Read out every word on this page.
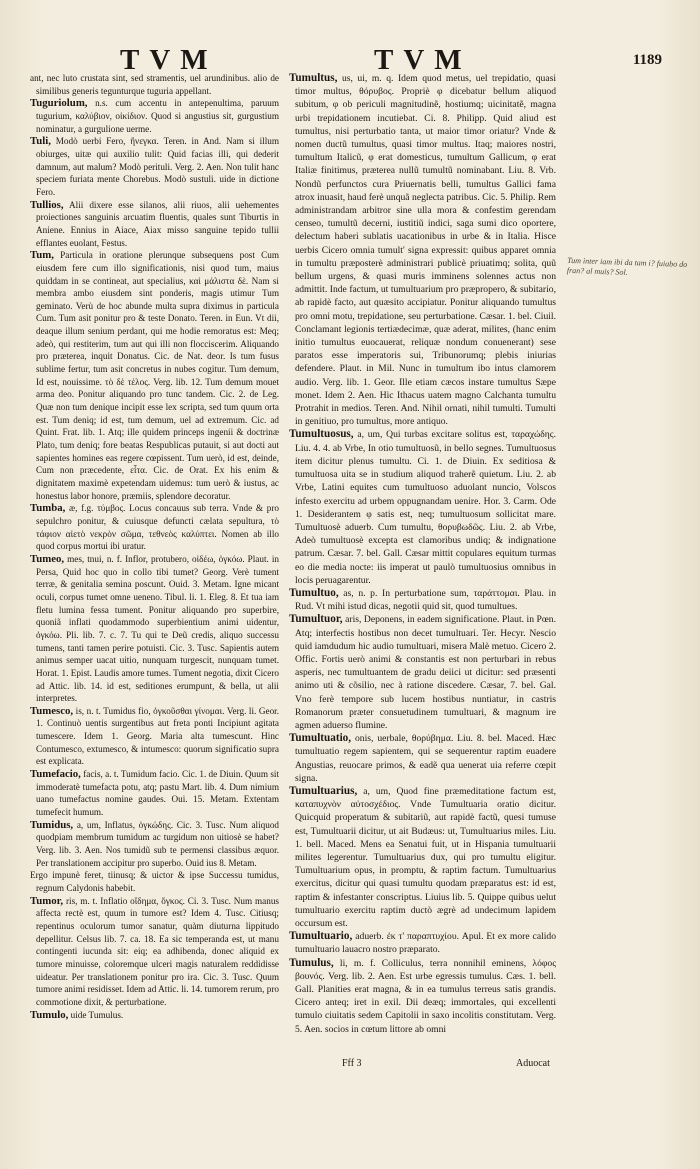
TVM	TVM	1189

ant, nec luto crustata sint, sed stramentis, uel arundinibus. alio de similibus generis tegunturque tuguria appellant.

Tuguriolum, n.s. cum accentu in antepenultima, paruum tugurium, καλύβιον, οἰκίδιον. Quod si angustius sit, gurgustium nominatur, a gurgulione uerme.

Tuli, Modò uerbi Fero, ἤνεγκα. Teren. in And. Nam si illum obiurges, uitæ qui auxilio tulit: Quid facias illi, qui dederit damnum, aut malum? Modò perituli. Verg. 2. Aen. Non tulit hanc speciem furiata mente Chorebus. Modò sustuli. uide in dictione Fero.

Tullios, Alii dixere esse silanos, alii riuos, alii uehementes proiectiones sanguinis arcuatim fluentis, quales sunt Tiburtis in Aniene. Ennius in Aiace, Aiax misso sanguine tepido tullii efflantes euolant, Festus.

Tum, Particula in oratione plerunque subsequens post Cum eiusdem fere cum illo significationis, nisi quod tum, maius quiddam in se contineat, aut specialius, καὶ μάλιστα δὲ. Nam si membra ambo eiusdem sint ponderis, magis utimur Tum geminato. Verù de hoc abunde multa supra diximus in particula Cum. Tum asit ponitur pro & teste Donato. Teren. in Eun. Vt dii, deaque illum senium perdant, qui me hodie remoratus est: Meq; adeò, qui restiterim, tum aut qui illi non flocciscerim. Aliquando pro præterea, inquit Donatus. Cic. de Nat. deor. Is tum fusus sublime fertur, tum asit concretus in nubes cogitur. Tum demum, Id est, nouissime. τὸ δὲ τέλος. Verg. lib. 12. Tum demum mouet arma deo. Ponitur aliquando pro tunc tandem. Cic. 2. de Leg. Quæ non tum denique incipit esse lex scripta, sed tum quum orta est. Tum deniq; id est, tum demum, uel ad extremum. Cic. ad Quint. Frat. lib. 1. Atq; ille quidem princeps ingenii & doctrinæ Plato, tum deniq; fore beatas Respublicas putauit, si aut docti aut sapientes homines eas regere cœpissent. Tum uerò, id est, deinde, Cum non præcedente, εἶτα. Cic. de Orat. Ex his enim & dignitatem maximè expetendam uidemus: tum uerò & iustus, ac honestus labor honore, præmiis, splendore decoratur.

Tumba, æ, f.g. τύμβος. Locus concauus sub terra. Vnde & pro sepulchro ponitur, & cuiusque defuncti cælata sepultura, τὸ τάφιον αἰετὸ νεκρὸν σῶμα, τεθνεὸς καλύπτει. Nomen ab illo quod corpus mortui ibi uratur.

Tumeo, mes, tnui, n. f. Inflor, protubero, οἰδέω, ὀγκόω. Plaut. in Persa, Quid hoc quo in collo tibi tumet? Georg. Verè tument terræ, & genitalia semina poscunt. Ouid. 3. Metam. Igne micant oculi, corpus tumet omne ueneno. Tibul. li. 1. Eleg. 8. Et tua iam fletu lumina fessa tument. Ponitur aliquando pro superbire, quoniã inflati quodammodo superbientium animi uidentur, ὀγκόω. Pli. lib. 7. c. 7. Tu qui te Deũ credis, aliquo successu tumens, tanti tamen perire potuisti. Cic. 3. Tusc. Sapientis autem animus semper uacat uitio, nunquam turgescit, nunquam tumet. Horat. 1. Epist. Laudis amore tumes. Tument negotia, dixit Cicero ad Attic. lib. 14. id est, seditiones erumpunt, & bella, ut alii interpretes.

Tumesco, is, n. t. Tumidus fio, ὀγκοῦσθαι γίνομαι. Verg. li. Geor. 1. Continuò uentis surgentibus aut freta ponti Incipiunt agitata tumescere. Idem 1. Georg. Maria alta tumescunt. Hinc Contumesco, extumesco, & intumesco: quorum significatio supra est explicata.

Tumefacio, facis, a. t. Tumidum facio. Cic. 1. de Diuin. Quum sit immoderatè tumefacta potu, atq; pastu Mart. lib. 4. Dum nimium uano tumefactus nomine gaudes. Oui. 15. Metam. Extentam tumefecit humum.

Tumidus, a, um, Inflatus, ὀγκώδης. Cic. 3. Tusc. Num aliquod quodpiam membrum tumidum ac turgidum non uitiosè se habet? Verg. lib. 3. Aen. Nos tumidũ sub te permensi classibus æquor. Per translationem accipitur pro superbo. Ouid ius 8. Metam.

Ergo impunè feret, tiinusq; & uictor & ipse Successu tumidus, regnum Calydonis habebit.

Tumor, ris, m. t. Inflatio οἴδημα, ὄγκος. Ci. 3. Tusc. Num manus affecta rectè est, quum in tumore est? Idem 4. Tusc. Citiusq; repentinus oculorum tumor sanatur, quàm diuturna lippitudo depellitur. Celsus lib. 7. ca. 18. Ea sic temperanda est, ut manu contingenti iucunda sit: eiq; ea adhibenda, donec aliquid ex tumore minuisse, coloremque ulceri magis naturalem reddidisse uideatur. Per translationem ponitur pro ira. Cic. 3. Tusc. Quum tumore animi residisset. Idem ad Attic. li. 14. tumorem rerum, pro commotione dixit, & perturbatione.

Tumulo, uide Tumulus.

Tumultus, us, ui, m. q. Idem quod metus, uel trepidatio, quasi timor multus, θόρυβος. Propriè φ dicebatur bellum aliquod subitum, φ ob periculi magnitudinẽ, hostiumq; uicinitatẽ, magna urbi trepidationem incutiebat. Ci. 8. Philipp. Quid aliud est tumultus, nisi perturbatio tanta, ut maior timor oriatur? Vnde & nomen ductũ tumultus, quasi timor multus. Itaq; maiores nostri, tumultum Italicũ, φ erat domesticus, tumultum Gallicum, φ erat Italiæ finitimus, præterea nullũ tumultũ nominabant. Liu. 8. Vrb. Nondũ perfunctos cura Priuernatis belli, tumultus Gallici fama atrox inuasit, haud ferè unquã neglecta patribus. Cic. 5. Philip. Rem administrandam arbitror sine ulla mora & confestim gerendam censeo, tumultũ decerni, iustitiũ indici, saga sumi dico oportere, delectum haberi sublatis uacationibus in urbe & in Italia. Hisce uerbis Cicero omnia tumult' signa expressit: quibus apparet omnia in tumultu præposterè administrari publicè priuatimq; solita, quũ bellum urgens, & quasi muris imminens solennes actus non admittit. Inde factum, ut tumultuarium pro præpropero, & subitario, ab rapidè facto, aut quæsito accipiatur. Ponitur aliquando tumultus pro omni motu, trepidatione, seu perturbatione. Cæsar. 1. bel. Ciuil. Conclamant legionis tertiædecimæ, quæ aderat, milites, (hanc enim initio tumultus euocauerat, reliquæ nondum conuenerant) sese paratos esse imperatoris sui, Tribunorumq; plebis iniurias defendere. Plaut. in Mil. Nunc in tumultum ibo intus clamorem audio. Verg. lib. 1. Geor. Ille etiam cæcos instare tumultus Sæpe monet. Idem 2. Aen. Hic Ithacus uatem magno Calchanta tumultu Protrahit in medios. Teren. And. Nihil ornati, nihil tumulti. Tumulti in genitiuo, pro tumultus, more antiquo.

Tumultuosus, a, um, Qui turbas excitare solitus est, ταραχώδης. Liu. 4. 4. ab Vrbe, In otio tumultuosũ, in bello segnes. Tumultuosus item dicitur plenus tumultu. Ci. 1. de Diuin. Ex seditiosa & tumultuosa uita se in studium aliquod traherẽ quietum. Liu. 2. ab Vrbe, Latini equites cum tumultuoso aduolant nuncio, Volscos infesto exercitu ad urbem oppugnandam uenire. Hor. 3. Carm. Ode 1. Desiderantem φ satis est, neq; tumultuosum sollicitat mare. Tumultuosè aduerb. Cum tumultu, θορυβωδῶς. Liu. 2. ab Vrbe, Adeò tumultuosè excepta est clamoribus undiq; & indignatione patrum. Cæsar. 7. bel. Gall. Cæsar mittit copulares equitum turmas eo die media nocte: iis imperat ut paulò tumultuosius omnibus in locis peruagarentur.

Tumultuo, as, n. p. In perturbatione sum, ταράττομαι. Plau. in Rud. Vt mihi istud dicas, negotii quid sit, quod tumultues.

Tumultuor, aris, Deponens, in eadem significatione. Plaut. in Pœn. Atq; interfectis hostibus non decet tumultuari. Ter. Hecyr. Nescio quid iamdudum hic audio tumultuari, misera Malè metuo. Cicero 2. Offic. Fortis uerò animi & constantis est non perturbari in rebus asperis, nec tumultuantem de gradu deiici ut dicitur: sed præsenti animo uti & cõsilio, nec à ratione discedere. Cæsar, 7. bel. Gal. Vno ferè tempore sub lucem hostibus nuntiatur, in castris Romanorum præter consuetudinem tumultuari, & magnum ire agmen aduerso flumine.

Tumultuatio, onis, uerbale, θορύβημα. Liu. 8. bel. Maced. Hæc tumultuatio regem sapientem, qui se sequerentur raptim euadere Angustias, reuocare primos, & eadẽ qua uenerat uia referre cœpit signa.

Tumultuarius, a, um, Quod fine præmeditatione factum est, καταπυχνὸν αὐτοσχέδιος. Vnde Tumultuaria oratio dicitur. Quicquid properatum & subitariũ, aut rapidè factũ, quesi tumuse est, Tumultuarii dicitur, ut ait Budæus: ut, Tumultuarius miles. Liu. 1. bell. Maced. Mens ea Senatui fuit, ut in Hispania tumultuarii milites legerentur. Tumultuarius dux, qui pro tumultu eligitur. Tumultuarium opus, in promptu, & raptim factum. Tumultuarius exercitus, dicitur qui quasi tumultu quodam præparatus est: id est, raptim & infestanter conscriptus. Liuius lib. 5. Quippe quibus uelut tumultuario exercitu raptim ductò ægrè ad undecimum lapidem occursum est.

Tumultuario, aduerb. ἐκ τ' παραπτυχίου. Apul. Et ex more calido tumultuario lauacro nostro præparato.

Tumulus, li, m. f. Colliculus, terra nonnihil eminens, λόφος βουνός. Verg. lib. 2. Aen. Est urbe egressis tumulus. Cæs. 1. bell. Gall. Planities erat magna, & in ea tumulus terreus satis grandis. Cicero anteq; iret in exil. Dii deæq; immortales, qui excellenti tumulo ciuitatis sedem Capitolii in saxo incolitis constitutam. Verg. 5. Aen. socios in cœtum littore ab omni

Tum inter iam ibi da tam i? fuiabo do fran? al muis? Sol.
Fff 3	Aduocat
